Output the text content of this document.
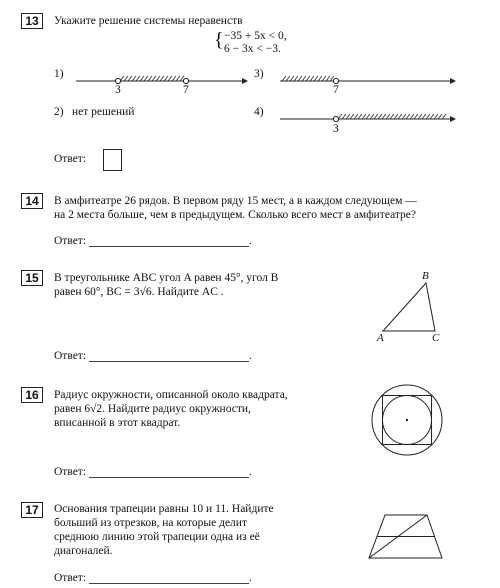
13	Укажите решение системы неравенств
{ −35 + 5x < 0,
6 − 3x < −3.
1)
3	7
3)
7
2) нет решений	4)
3
Ответ:
14	В амфитеатре 26 рядов. В первом ряду 15 мест, а в каждом следующем —
на 2 места больше, чем в предыдущем. Сколько всего мест в амфитеатре?
Ответ:	.
15	В треугольнике ABC угол A равен 45°, угол B
равен 60°, BC = 3√6. Найдите AC .
B
A	C
Ответ:	.
16	Радиус окружности, описанной около квадрата,
равен 6√2. Найдите радиус окружности,
вписанной в этот квадрат.
Ответ:	.
17	Основания трапеции равны 10 и 11. Найдите
больший из отрезков, на которые делит
среднюю линию этой трапеции одна из её
диагоналей.
Ответ:	.
